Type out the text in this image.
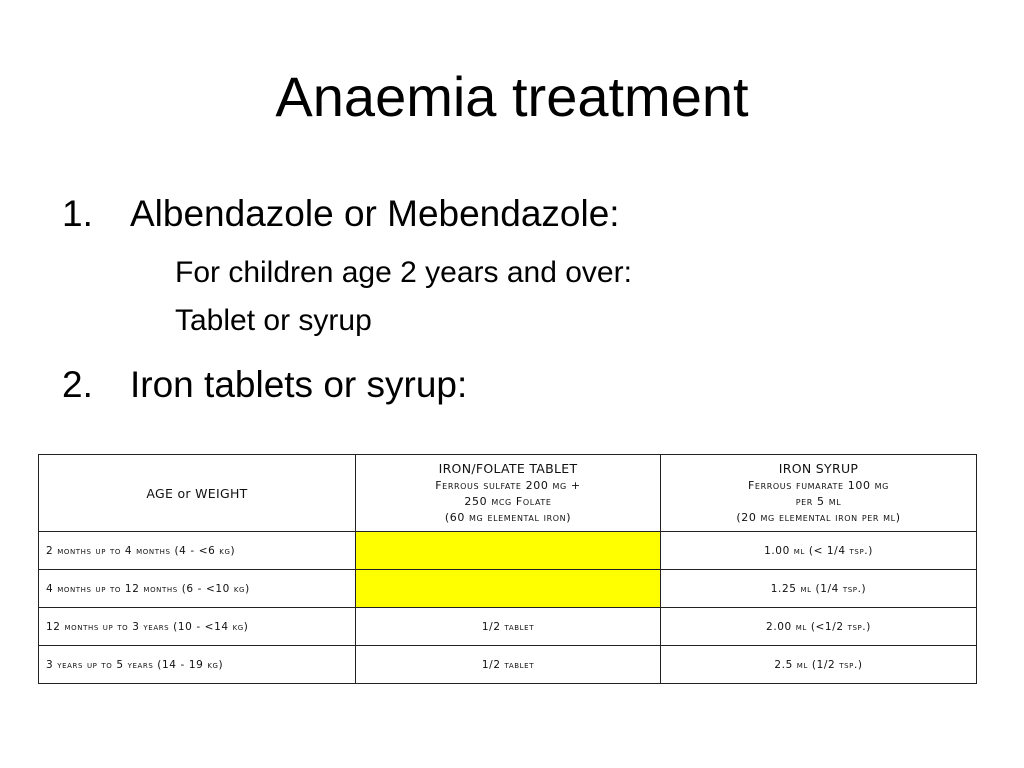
Anaemia treatment
1. Albendazole or Mebendazole:
For children age 2 years and over:
Tablet or syrup
2. Iron tablets or syrup:
AGE or WEIGHT	IRON/FOLATE TABLET
Ferrous sulfate 200 mg +
250 mcg Folate
(60 mg elemental iron)	IRON SYRUP
Ferrous fumarate 100 mg
per 5 ml
(20 mg elemental iron per ml)

2 months up to 4 months (4 - <6 kg)		1.00 ml (< 1/4 tsp.)
4 months up to 12 months (6 - <10 kg)		1.25 ml (1/4 tsp.)
12 months up to 3 years (10 - <14 kg)	1/2 tablet	2.00 ml (<1/2 tsp.)
3 years up to 5 years (14 - 19 kg)	1/2 tablet	2.5 ml (1/2 tsp.)
